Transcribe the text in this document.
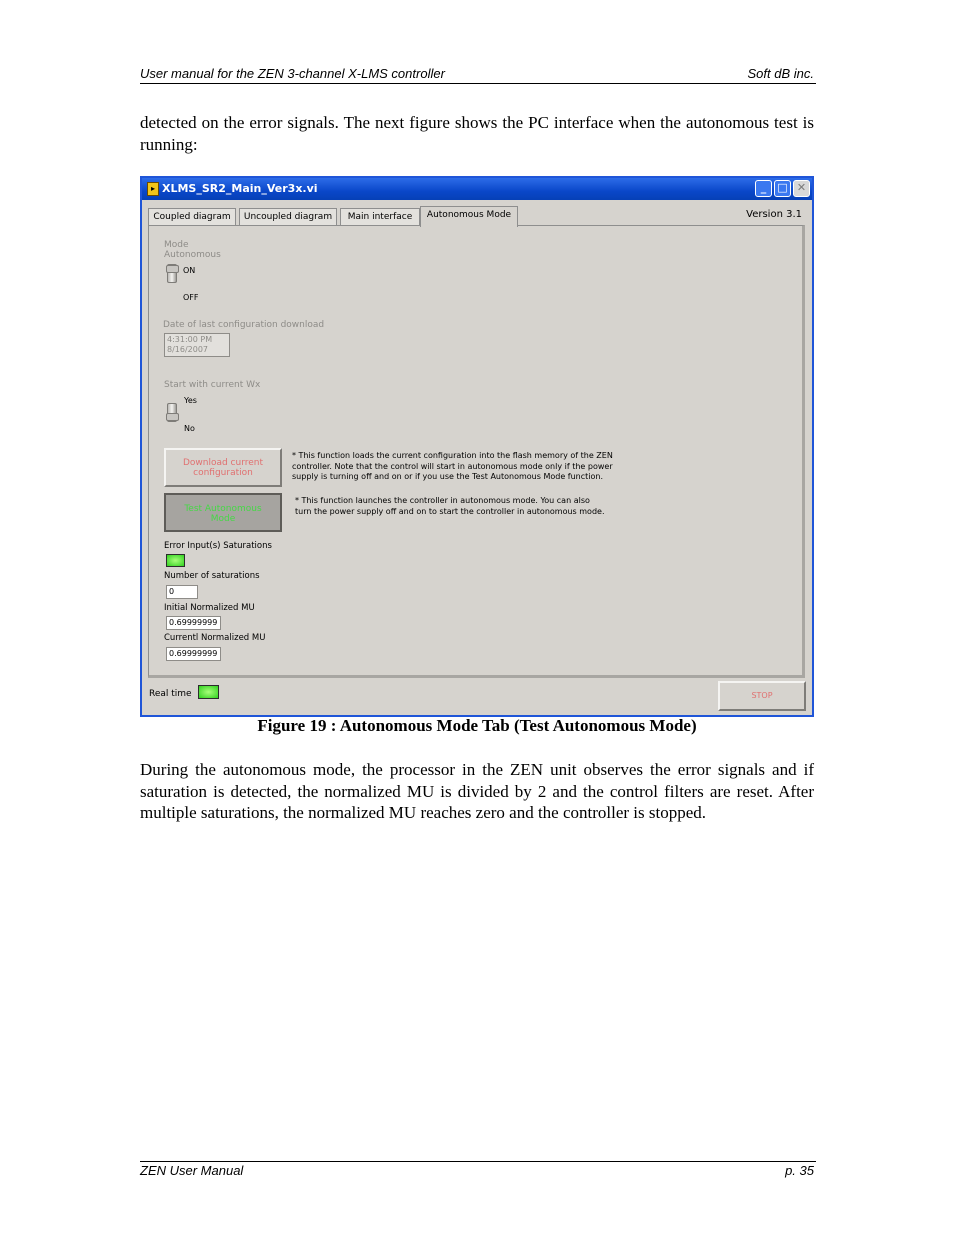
User manual for the ZEN 3-channel X-LMS controller	Soft dB inc.
detected on the error signals. The next figure shows the PC interface when the autonomous test is running:
▸ XLMS_SR2_Main_Ver3x.vi	_	□ ✕
Coupled diagram	Uncoupled diagram	Main interface	Autonomous Mode	Version 3.1
Mode
Autonomous
ON
OFF
Date of last configuration download
4:31:00 PM
8/16/2007
Start with current Wx
Yes
No
Download current configuration
* This function loads the current configuration into the flash memory of the ZEN controller. Note that the control will start in autonomous mode only if the power supply is turning off and on or if you use the Test Autonomous Mode function.
Test Autonomous Mode
* This function launches the controller in autonomous mode. You can also turn the power supply off and on to start the controller in autonomous mode.
Error Input(s) Saturations
Number of saturations
0
Initial Normalized MU
0.69999999
Currentl Normalized MU
0.69999999
Real time	STOP
Figure 19 : Autonomous Mode Tab (Test Autonomous Mode)
During the autonomous mode, the processor in the ZEN unit observes the error signals and if saturation is detected, the normalized MU is divided by 2 and the control filters are reset. After multiple saturations, the normalized MU reaches zero and the controller is stopped.
ZEN User Manual	p. 35
